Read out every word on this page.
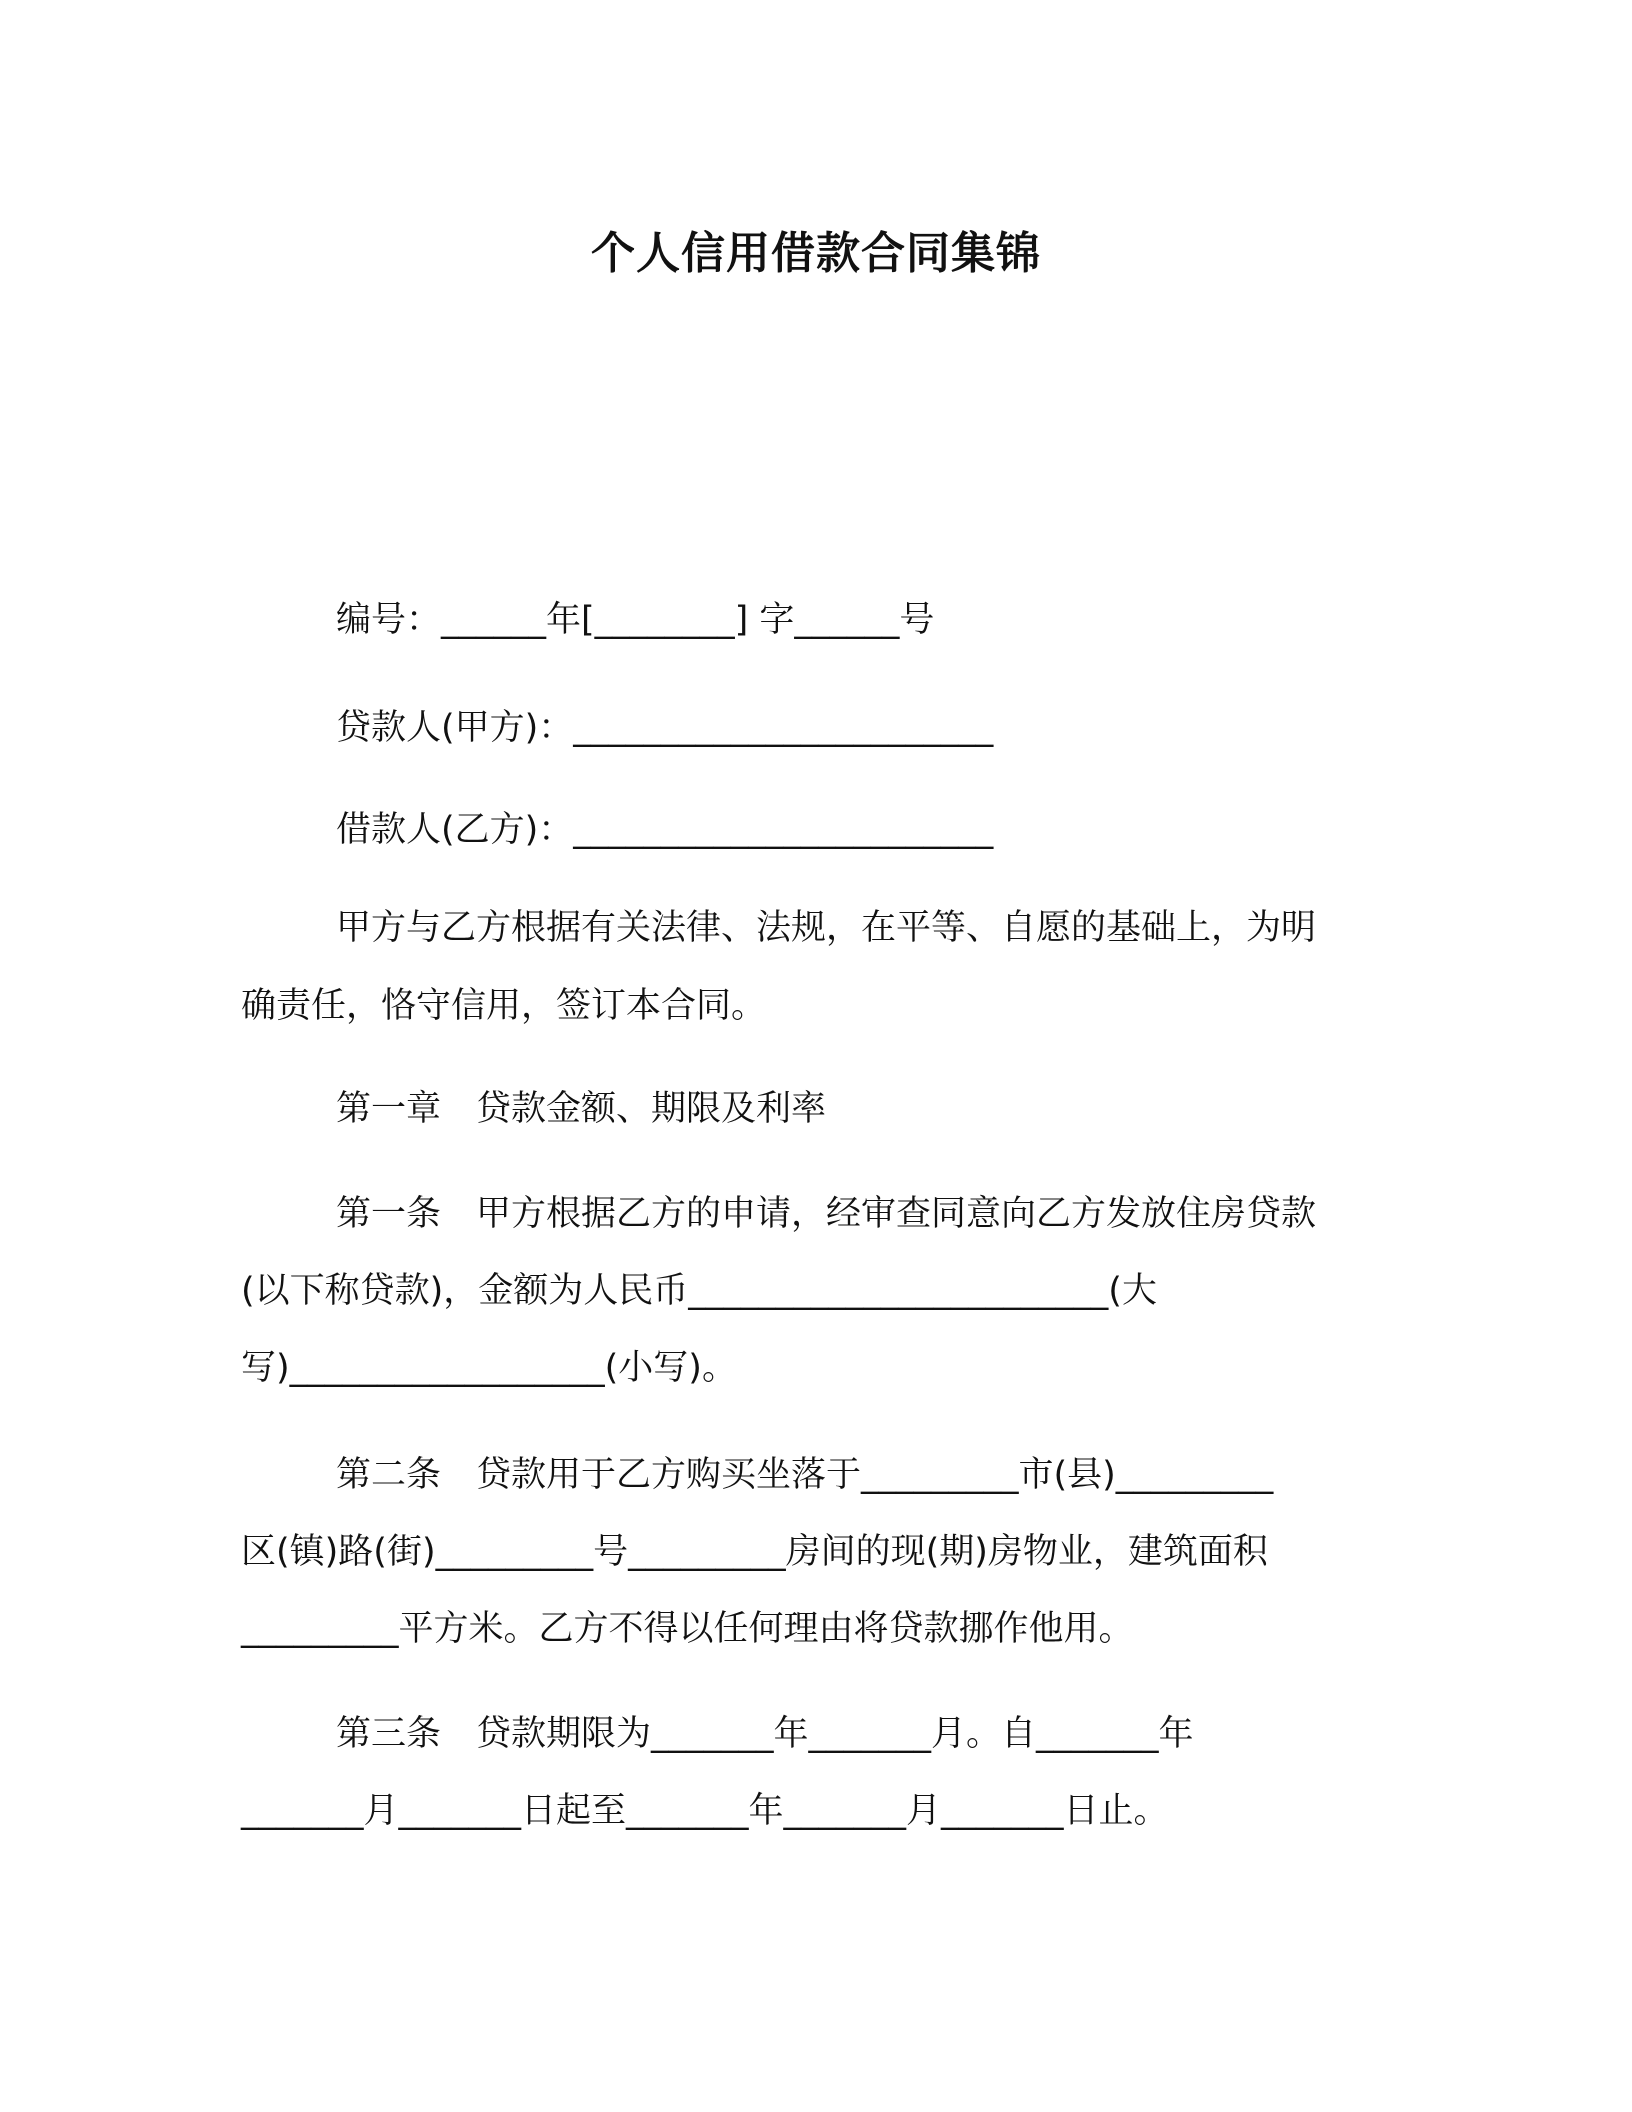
个人信用借款合同集锦
编号：______年[________] 字______号
贷款人(甲方)：________________________
借款人(乙方)：________________________
甲方与乙方根据有关法律、法规，在平等、自愿的基础上，为明
确责任，恪守信用，签订本合同。
第一章　贷款金额、期限及利率
第一条　甲方根据乙方的申请，经审查同意向乙方发放住房贷款
(以下称贷款)，金额为人民币________________________(大
写)__________________(小写)。
第二条　贷款用于乙方购买坐落于_________市(县)_________
区(镇)路(街)_________号_________房间的现(期)房物业，建筑面积
_________平方米。乙方不得以任何理由将贷款挪作他用。
第三条　贷款期限为_______年_______月。自_______年
_______月_______日起至_______年_______月_______日止。
